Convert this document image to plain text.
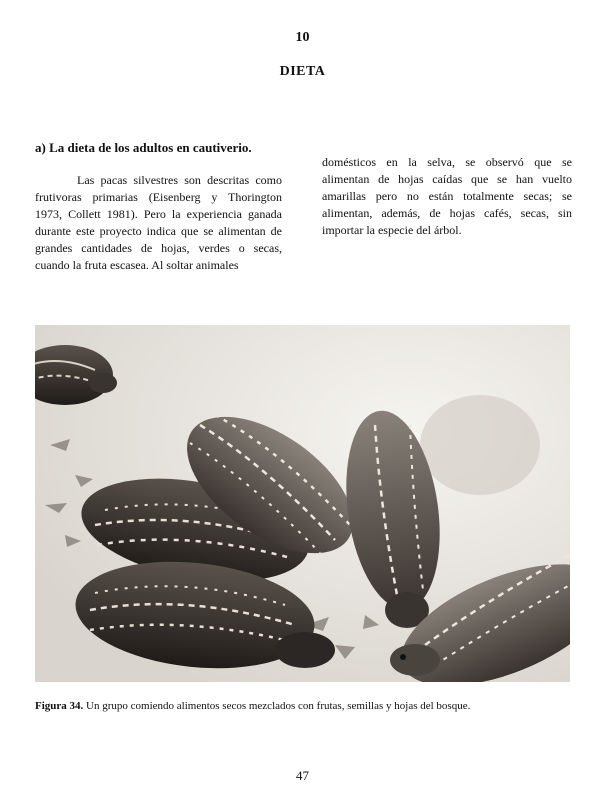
10
DIETA
a) La dieta de los adultos en cautiverio.
Las pacas silvestres son descritas como
frutivoras primarias (Eisenberg y Thorington
1973, Collett 1981). Pero la experiencia ganada
durante este proyecto indica que se alimentan de
grandes cantidades de hojas, verdes o secas,
cuando la fruta escasea. Al soltar animales
domésticos en la selva, se observó que se
alimentan de hojas caídas que se han vuelto
amarillas pero no están totalmente secas; se
alimentan, además, de hojas cafés, secas, sin
importar la especie del árbol.
Figura 34. Un grupo comiendo alimentos secos mezclados con frutas, semillas y hojas del bosque.
47
